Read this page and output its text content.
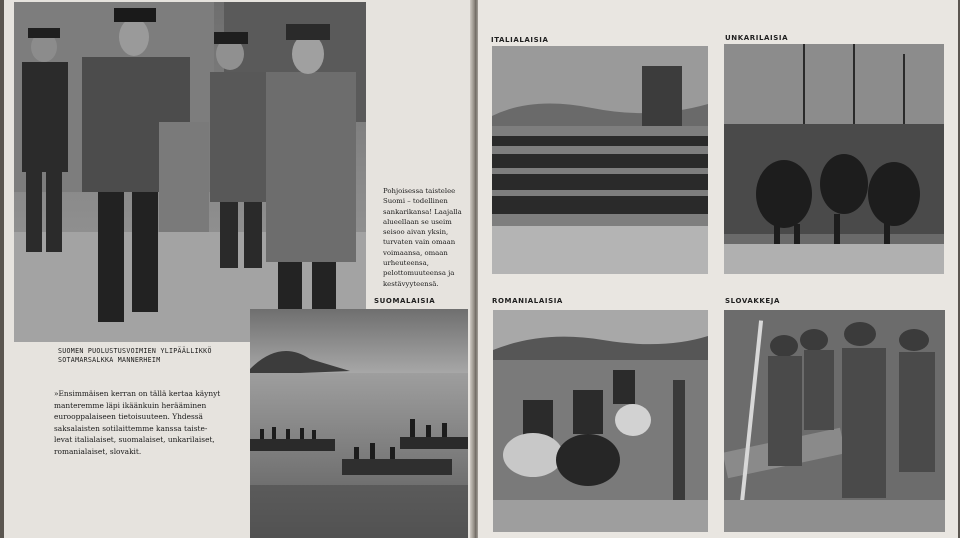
SUOMEN PUOLUSTUSVOIMIEN YLIPÄÄLLIKKÖ
SOTAMARSALKKA MANNERHEIM
»Ensimmäisen kerran on tällä kertaa käynyt
manteremme läpi ikäänkuin herääminen
eurooppalaiseen tietoisuuteen. Yhdessä
saksalaisten sotilaittemme kanssa taiste-
levat italialaiset, suomalaiset, unkarilaiset,
romanialaiset, slovakit.
Pohjoisessa taistelee
Suomi – todellinen
sankarikansa! Laajalla
alueellaan se useim
seisoo aivan yksin,
turvaten vain omaan
voimaansa, omaan
urheuteensa,
pelottomuuteensa ja
kestävyyteensä.
SUOMALAISIA
ITALIALAISIA	UNKARILAISIA
ROMANIALAISIA	SLOVAKKEJA
